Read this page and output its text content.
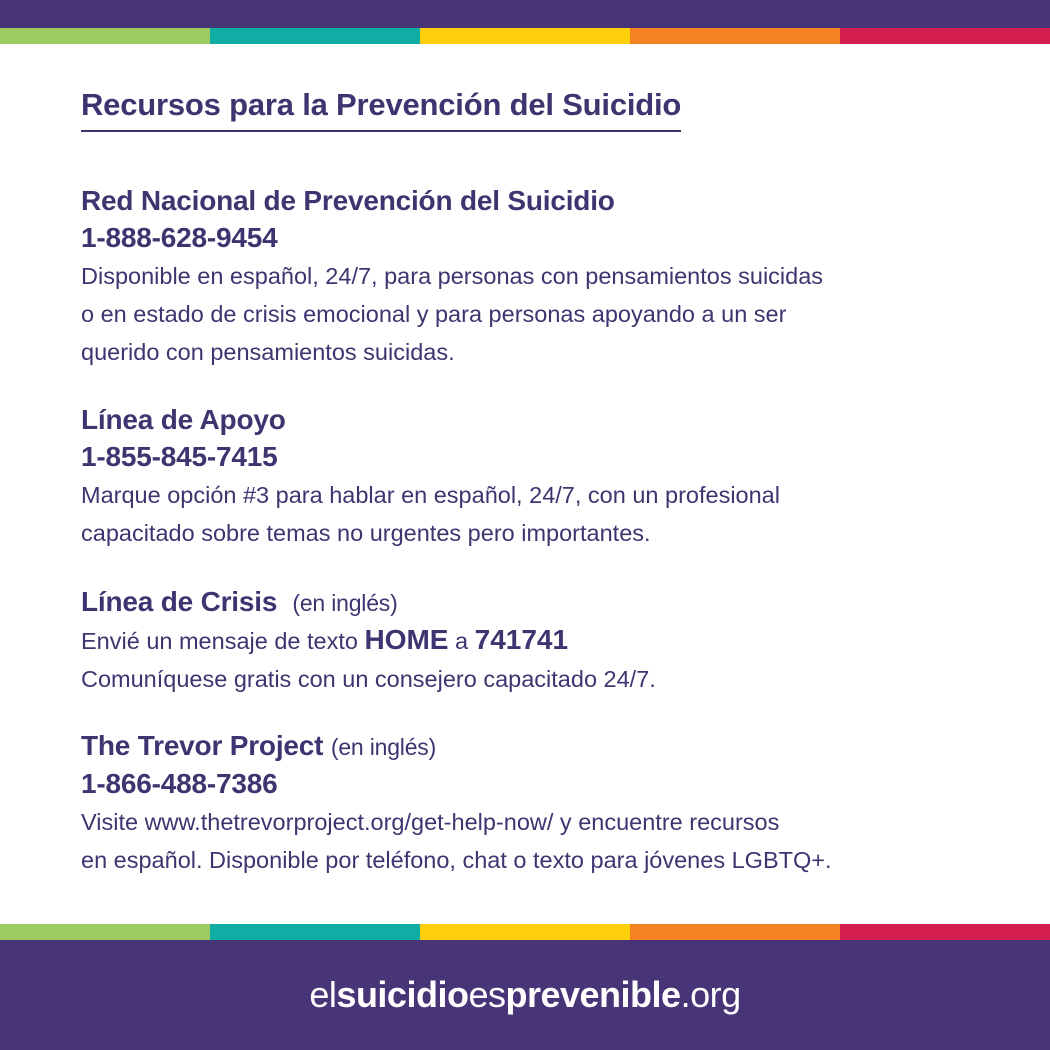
Recursos para la Prevención del Suicidio

Red Nacional de Prevención del Suicidio

1-888-628-9454

Disponible en español, 24/7, para personas con pensamientos suicidas

o en estado de crisis emocional y para personas apoyando a un ser

querido con pensamientos suicidas.

Línea de Apoyo

1-855-845-7415

Marque opción #3 para hablar en español, 24/7, con un profesional

capacitado sobre temas no urgentes pero importantes.

Línea de Crisis (en inglés)

Envié un mensaje de texto HOME a 741741

Comuníquese gratis con un consejero capacitado 24/7.

The Trevor Project (en inglés)

1-866-488-7386

Visite www.thetrevorproject.org/get-help-now/ y encuentre recursos

en español. Disponible por teléfono, chat o texto para jóvenes LGBTQ+.

elsuicidioesprevenible.org
